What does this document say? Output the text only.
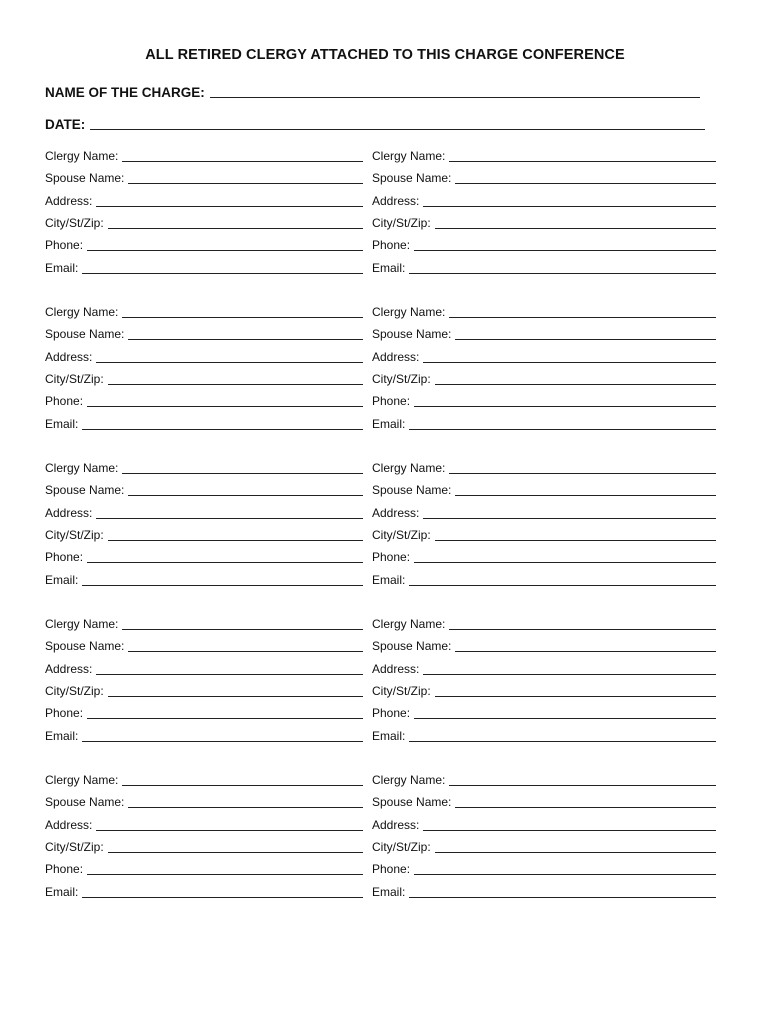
ALL RETIRED CLERGY ATTACHED TO THIS CHARGE CONFERENCE
NAME OF THE CHARGE:
DATE:
Clergy Name:
Spouse Name:
Address:
City/St/Zip:
Phone:
Email:
Clergy Name:
Spouse Name:
Address:
City/St/Zip:
Phone:
Email:
Clergy Name:
Spouse Name:
Address:
City/St/Zip:
Phone:
Email:
Clergy Name:
Spouse Name:
Address:
City/St/Zip:
Phone:
Email:
Clergy Name:
Spouse Name:
Address:
City/St/Zip:
Phone:
Email:
Clergy Name:
Spouse Name:
Address:
City/St/Zip:
Phone:
Email:
Clergy Name:
Spouse Name:
Address:
City/St/Zip:
Phone:
Email:
Clergy Name:
Spouse Name:
Address:
City/St/Zip:
Phone:
Email:
Clergy Name:
Spouse Name:
Address:
City/St/Zip:
Phone:
Email:
Clergy Name:
Spouse Name:
Address:
City/St/Zip:
Phone:
Email:
